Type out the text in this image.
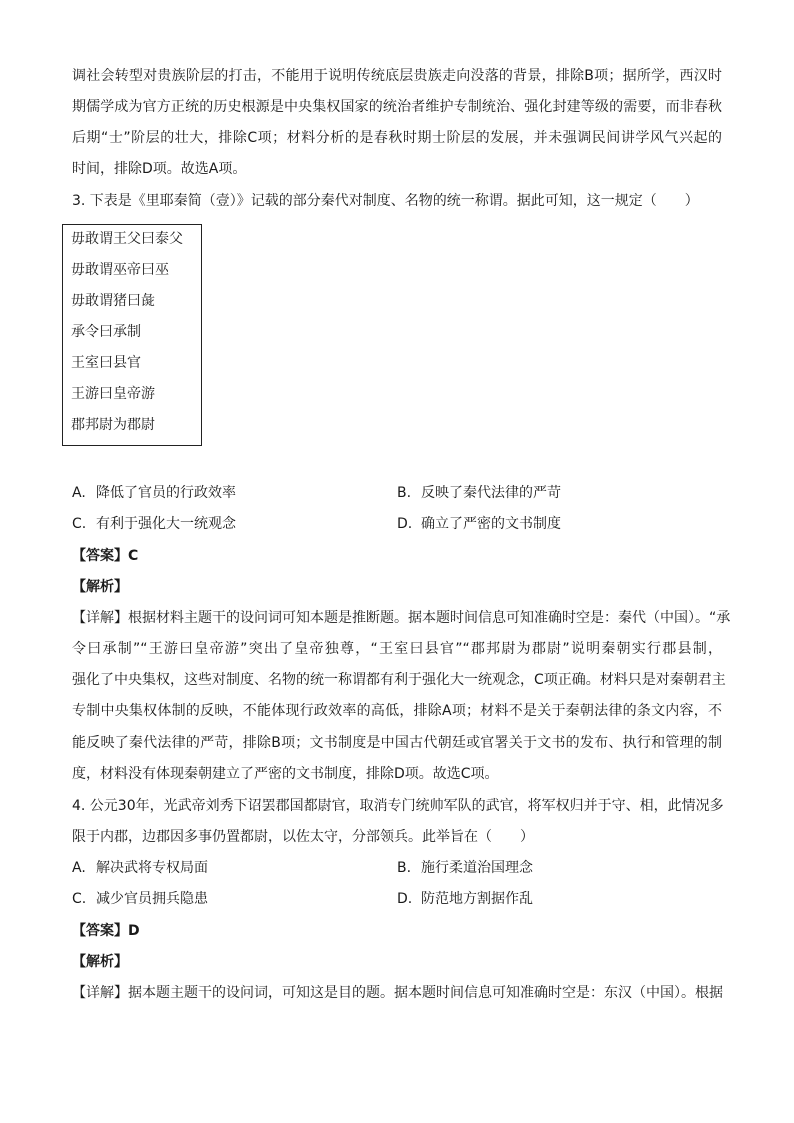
调社会转型对贵族阶层的打击，不能用于说明传统底层贵族走向没落的背景，排除B项；据所学，西汉时
期儒学成为官方正统的历史根源是中央集权国家的统治者维护专制统治、强化封建等级的需要，而非春秋
后期“士”阶层的壮大，排除C项；材料分析的是春秋时期士阶层的发展，并未强调民间讲学风气兴起的
时间，排除D项。故选A项。
3. 下表是《里耶秦简（壹）》记载的部分秦代对制度、名物的统一称谓。据此可知，这一规定（　　）
毋敢谓王父曰泰父
毋敢谓巫帝曰巫
毋敢谓猪曰彘
承令曰承制
王室曰县官
王游曰皇帝游
郡邦尉为郡尉
A. 降低了官员的行政效率	B. 反映了秦代法律的严苛
C. 有利于强化大一统观念	D. 确立了严密的文书制度
【答案】C
【解析】
【详解】根据材料主题干的设问词可知本题是推断题。据本题时间信息可知准确时空是：秦代（中国）。“承
令曰承制”“王游曰皇帝游”突出了皇帝独尊，“王室曰县官”“郡邦尉为郡尉”说明秦朝实行郡县制，
强化了中央集权，这些对制度、名物的统一称谓都有利于强化大一统观念，C项正确。材料只是对秦朝君主
专制中央集权体制的反映，不能体现行政效率的高低，排除A项；材料不是关于秦朝法律的条文内容，不
能反映了秦代法律的严苛，排除B项；文书制度是中国古代朝廷或官署关于文书的发布、执行和管理的制
度，材料没有体现秦朝建立了严密的文书制度，排除D项。故选C项。
4. 公元30年，光武帝刘秀下诏罢郡国都尉官，取消专门统帅军队的武官，将军权归并于守、相，此情况多
限于内郡，边郡因多事仍置都尉，以佐太守，分部领兵。此举旨在（　　）
A. 解决武将专权局面	B. 施行柔道治国理念
C. 减少官员拥兵隐患	D. 防范地方割据作乱
【答案】D
【解析】
【详解】据本题主题干的设问词，可知这是目的题。据本题时间信息可知准确时空是：东汉（中国）。根据
